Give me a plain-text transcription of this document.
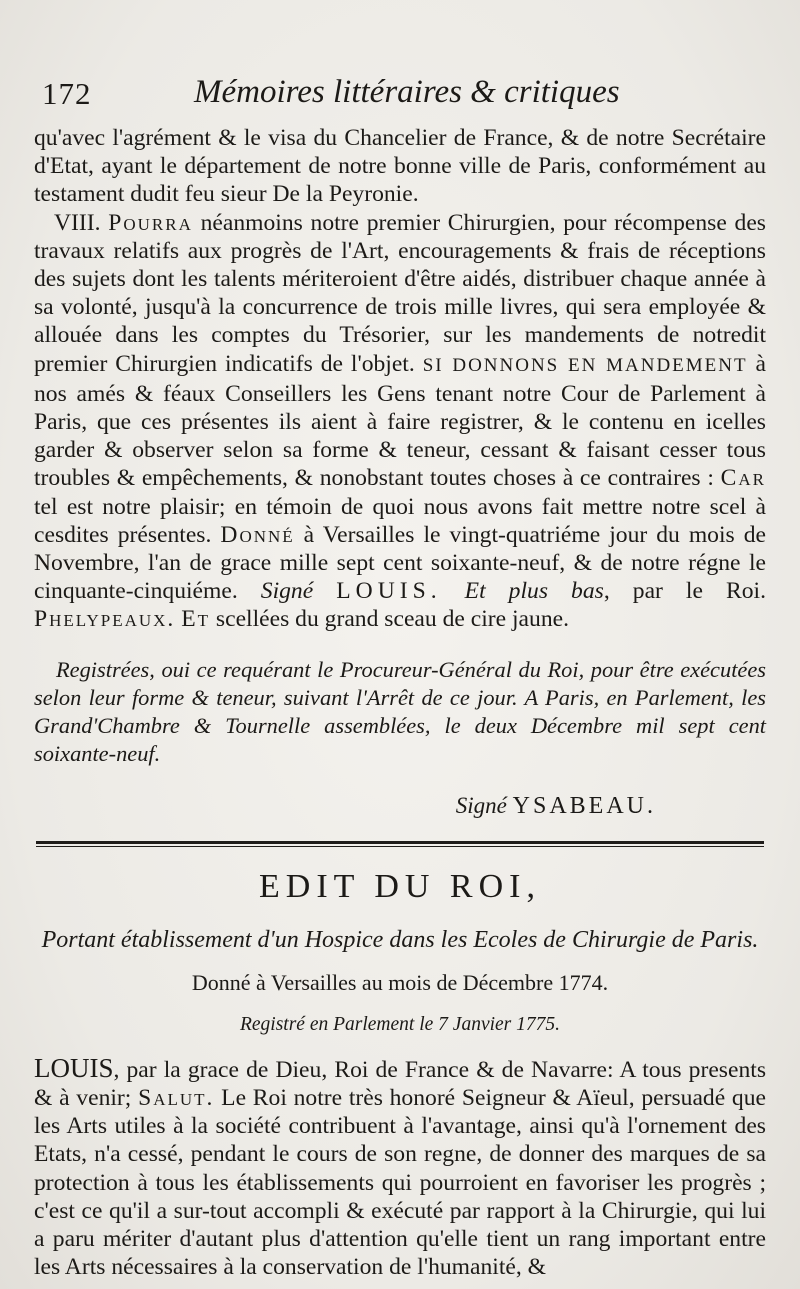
172	Mémoires littéraires & critiques

qu'avec l'agrément & le visa du Chancelier de France, & de notre Secrétaire d'Etat, ayant le département de notre bonne ville de Paris, conformément au testament dudit feu sieur De la Peyronie.

VIII. Pourra néanmoins notre premier Chirurgien, pour récompense des travaux relatifs aux progrès de l'Art, encouragements & frais de réceptions des sujets dont les talents mériteroient d'être aidés, distribuer chaque année à sa volonté, jusqu'à la concurrence de trois mille livres, qui sera employée & allouée dans les comptes du Trésorier, sur les mandements de notredit premier Chirurgien indicatifs de l'objet. SI DONNONS EN MANDEMENT à nos amés & féaux Conseillers les Gens tenant notre Cour de Parlement à Paris, que ces présentes ils aient à faire registrer, & le contenu en icelles garder & observer selon sa forme & teneur, cessant & faisant cesser tous troubles & empêchements, & nonobstant toutes choses à ce contraires : Car tel est notre plaisir; en témoin de quoi nous avons fait mettre notre scel à cesdites présentes. Donné à Versailles le vingt-quatriéme jour du mois de Novembre, l'an de grace mille sept cent soixante-neuf, & de notre régne le cinquante-cinquiéme. Signé LOUIS. Et plus bas, par le Roi. Phelypeaux. Et scellées du grand sceau de cire jaune.

Registrées, oui ce requérant le Procureur-Général du Roi, pour être exécutées selon leur forme & teneur, suivant l'Arrêt de ce jour. A Paris, en Parlement, les Grand'Chambre & Tournelle assemblées, le deux Décembre mil sept cent soixante-neuf.

Signé YSABEAU.
EDIT DU ROI,
Portant établissement d'un Hospice dans les Ecoles de Chirurgie de Paris.
Donné à Versailles au mois de Décembre 1774.
Registré en Parlement le 7 Janvier 1775.

LOUIS, par la grace de Dieu, Roi de France & de Navarre: A tous presents & à venir; Salut. Le Roi notre très honoré Seigneur & Aïeul, persuadé que les Arts utiles à la société contribuent à l'avantage, ainsi qu'à l'ornement des Etats, n'a cessé, pendant le cours de son regne, de donner des marques de sa protection à tous les établissements qui pourroient en favoriser les progrès ; c'est ce qu'il a sur-tout accompli & exécuté par rapport à la Chirurgie, qui lui a paru mériter d'autant plus d'attention qu'elle tient un rang important entre les Arts nécessaires à la conservation de l'humanité, &
